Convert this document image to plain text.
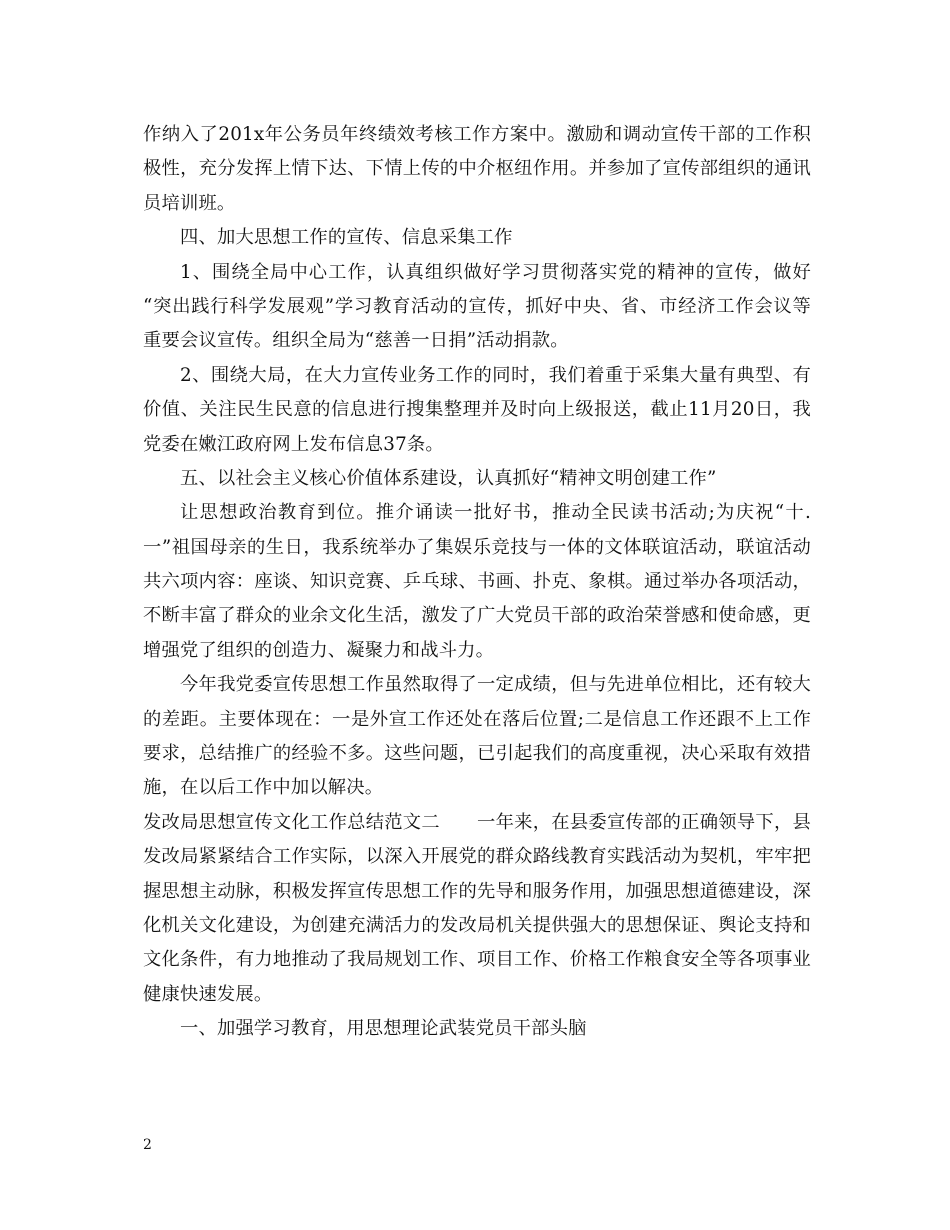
作纳入了201x年公务员年终绩效考核工作方案中。激励和调动宣传干部的工作积
极性，充分发挥上情下达、下情上传的中介枢纽作用。并参加了宣传部组织的通讯
员培训班。
四、加大思想工作的宣传、信息采集工作
1、围绕全局中心工作，认真组织做好学习贯彻落实党的精神的宣传，做好
“突出践行科学发展观”学习教育活动的宣传，抓好中央、省、市经济工作会议等
重要会议宣传。组织全局为“慈善一日捐”活动捐款。
2、围绕大局，在大力宣传业务工作的同时，我们着重于采集大量有典型、有
价值、关注民生民意的信息进行搜集整理并及时向上级报送，截止11月20日，我
党委在嫩江政府网上发布信息37条。
五、以社会主义核心价值体系建设，认真抓好“精神文明创建工作”
让思想政治教育到位。推介诵读一批好书，推动全民读书活动;为庆祝“十.
一”祖国母亲的生日，我系统举办了集娱乐竞技与一体的文体联谊活动，联谊活动
共六项内容：座谈、知识竞赛、乒乓球、书画、扑克、象棋。通过举办各项活动，
不断丰富了群众的业余文化生活，激发了广大党员干部的政治荣誉感和使命感，更
增强党了组织的创造力、凝聚力和战斗力。
今年我党委宣传思想工作虽然取得了一定成绩，但与先进单位相比，还有较大
的差距。主要体现在：一是外宣工作还处在落后位置;二是信息工作还跟不上工作
要求，总结推广的经验不多。这些问题，已引起我们的高度重视，决心采取有效措
施，在以后工作中加以解决。
发改局思想宣传文化工作总结范文二　　一年来，在县委宣传部的正确领导下，县
发改局紧紧结合工作实际，以深入开展党的群众路线教育实践活动为契机，牢牢把
握思想主动脉，积极发挥宣传思想工作的先导和服务作用，加强思想道德建设，深
化机关文化建设，为创建充满活力的发改局机关提供强大的思想保证、舆论支持和
文化条件，有力地推动了我局规划工作、项目工作、价格工作粮食安全等各项事业
健康快速发展。
一、加强学习教育，用思想理论武装党员干部头脑
2
